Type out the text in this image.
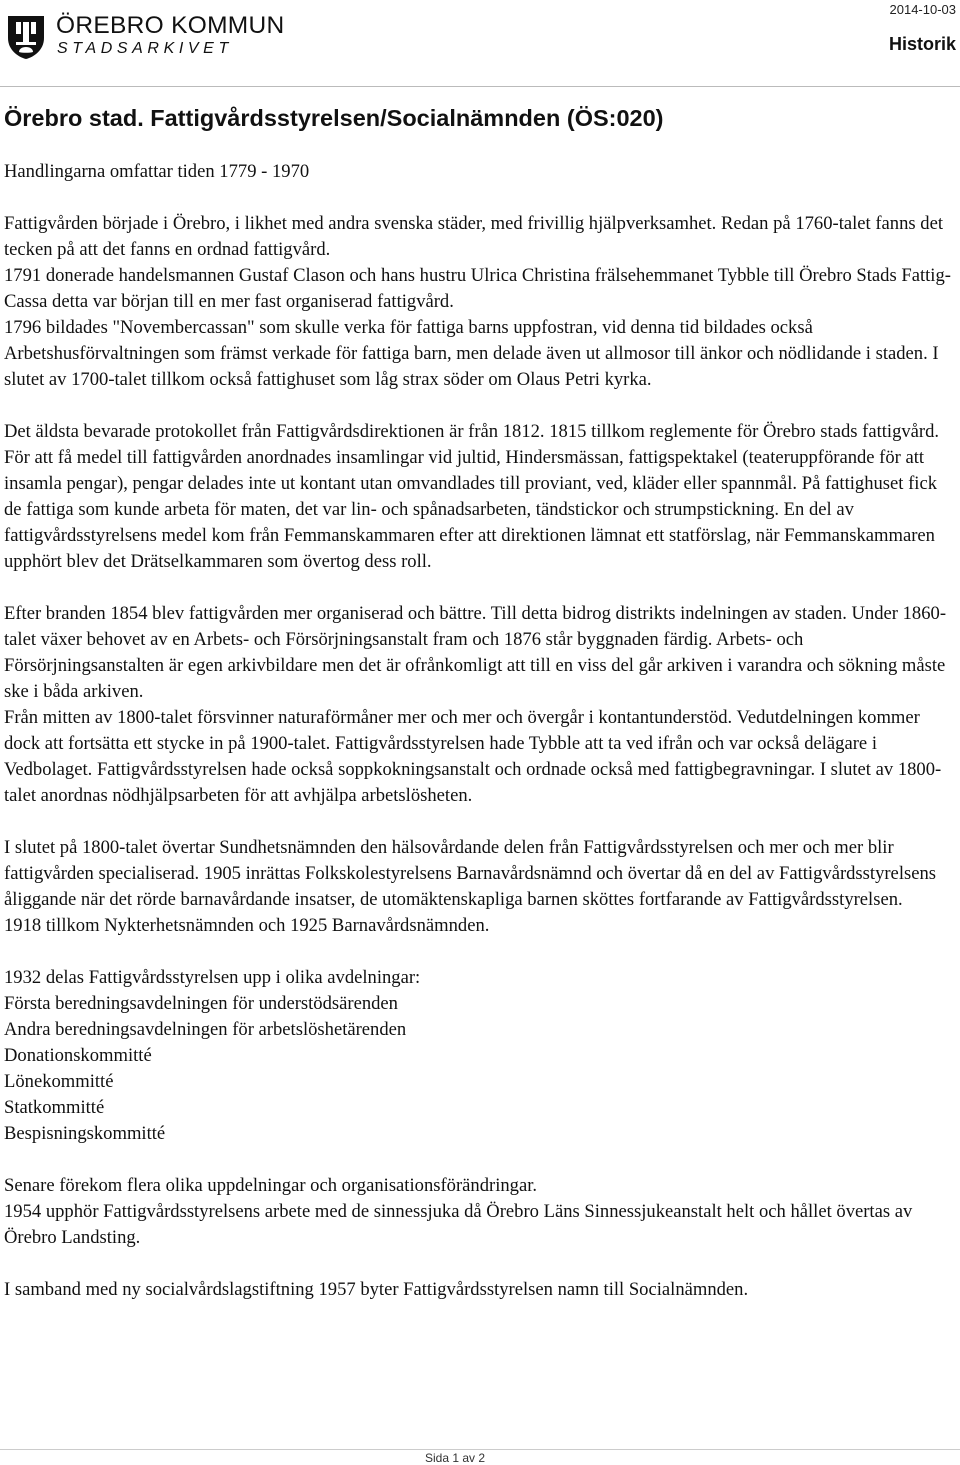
ÖREBRO KOMMUN
STADSARKIVET
2014-10-03
Historik
Örebro stad. Fattigvårdsstyrelsen/Socialnämnden (ÖS:020)

Handlingarna omfattar tiden 1779 - 1970

Fattigvården började i Örebro, i likhet med andra svenska städer, med frivillig hjälpverksamhet. Redan på 1760-talet fanns det tecken på att det fanns en ordnad fattigvård.

1791 donerade handelsmannen Gustaf Clason och hans hustru Ulrica Christina frälsehemmanet Tybble till Örebro Stads Fattig-Cassa detta var början till en mer fast organiserad fattigvård.

1796 bildades "Novembercassan" som skulle verka för fattiga barns uppfostran, vid denna tid bildades också Arbetshusförvaltningen som främst verkade för fattiga barn, men delade även ut allmosor till änkor och nödlidande i staden. I slutet av 1700-talet tillkom också fattighuset som låg strax söder om Olaus Petri kyrka.

Det äldsta bevarade protokollet från Fattigvårdsdirektionen är från 1812. 1815 tillkom reglemente för Örebro stads fattigvård.

För att få medel till fattigvården anordnades insamlingar vid jultid, Hindersmässan, fattigspektakel (teateruppförande för att insamla pengar), pengar delades inte ut kontant utan omvandlades till proviant, ved, kläder eller spannmål. På fattighuset fick de fattiga som kunde arbeta för maten, det var lin- och spånadsarbeten, tändstickor och strumpstickning. En del av fattigvårdsstyrelsens medel kom från Femmanskammaren efter att direktionen lämnat ett statförslag, när Femmanskammaren upphört blev det Drätselkammaren som övertog dess roll.

Efter branden 1854 blev fattigvården mer organiserad och bättre. Till detta bidrog distrikts indelningen av staden. Under 1860-talet växer behovet av en Arbets- och Försörjningsanstalt fram och 1876 står byggnaden färdig. Arbets- och Försörjningsanstalten är egen arkivbildare men det är ofrånkomligt att till en viss del går arkiven i varandra och sökning måste ske i båda arkiven.

Från mitten av 1800-talet försvinner naturaförmåner mer och mer och övergår i kontantunderstöd. Vedutdelningen kommer dock att fortsätta ett stycke in på 1900-talet. Fattigvårdsstyrelsen hade Tybble att ta ved ifrån och var också delägare i Vedbolaget. Fattigvårdsstyrelsen hade också soppkokningsanstalt och ordnade också med fattigbegravningar. I slutet av 1800-talet anordnas nödhjälpsarbeten för att avhjälpa arbetslösheten.

I slutet på 1800-talet övertar Sundhetsnämnden den hälsovårdande delen från Fattigvårdsstyrelsen och mer och mer blir fattigvården specialiserad. 1905 inrättas Folkskolestyrelsens Barnavårdsnämnd och övertar då en del av Fattigvårdsstyrelsens åliggande när det rörde barnavårdande insatser, de utomäktenskapliga barnen sköttes fortfarande av Fattigvårdsstyrelsen.

1918 tillkom Nykterhetsnämnden och 1925 Barnavårdsnämnden.

1932 delas Fattigvårdsstyrelsen upp i olika avdelningar:

Första beredningsavdelningen för understödsärenden

Andra beredningsavdelningen för arbetslöshetärenden

Donationskommitté

Lönekommitté

Statkommitté

Bespisningskommitté

Senare förekom flera olika uppdelningar och organisationsförändringar.

1954 upphör Fattigvårdsstyrelsens arbete med de sinnessjuka då Örebro Läns Sinnessjukeanstalt helt och hållet övertas av Örebro Landsting.

I samband med ny socialvårdslagstiftning 1957 byter Fattigvårdsstyrelsen namn till Socialnämnden.

Sida 1 av 2
